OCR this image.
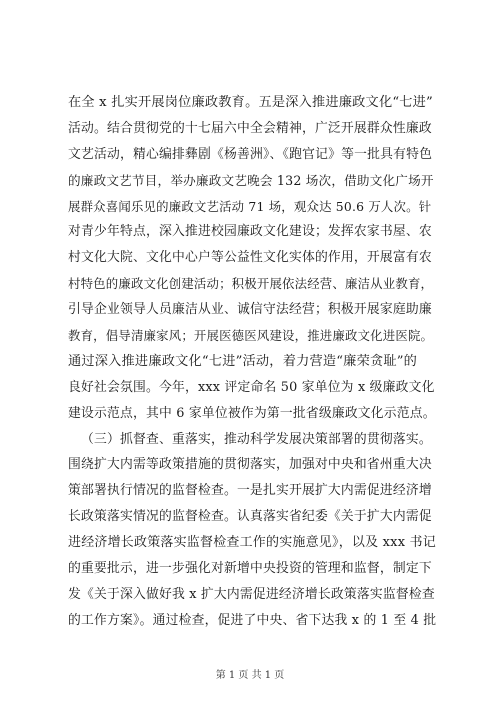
在全 x 扎实开展岗位廉政教育。五是深入推进廉政文化“七进”
活动。结合贯彻党的十七届六中全会精神，广泛开展群众性廉政
文艺活动，精心编排彝剧《杨善洲》、《跑官记》等一批具有特色
的廉政文艺节目，举办廉政文艺晚会 132 场次，借助文化广场开
展群众喜闻乐见的廉政文艺活动 71 场，观众达 50.6 万人次。针
对青少年特点，深入推进校园廉政文化建设；发挥农家书屋、农
村文化大院、文化中心户等公益性文化实体的作用，开展富有农
村特色的廉政文化创建活动；积极开展依法经营、廉洁从业教育，
引导企业领导人员廉洁从业、诚信守法经营；积极开展家庭助廉
教育，倡导清廉家风；开展医德医风建设，推进廉政文化进医院。
通过深入推进廉政文化“七进”活动，着力营造“廉荣贪耻”的
良好社会氛围。今年，xxx 评定命名 50 家单位为 x 级廉政文化
建设示范点，其中 6 家单位被作为第一批省级廉政文化示范点。
（三）抓督查、重落实，推动科学发展决策部署的贯彻落实。
围绕扩大内需等政策措施的贯彻落实，加强对中央和省州重大决
策部署执行情况的监督检查。一是扎实开展扩大内需促进经济增
长政策落实情况的监督检查。认真落实省纪委《关于扩大内需促
进经济增长政策落实监督检查工作的实施意见》，以及 xxx 书记
的重要批示，进一步强化对新增中央投资的管理和监督，制定下
发《关于深入做好我 x 扩大内需促进经济增长政策落实监督检查
的工作方案》。通过检查，促进了中央、省下达我 x 的 1 至 4 批
第 1 页 共 1 页
